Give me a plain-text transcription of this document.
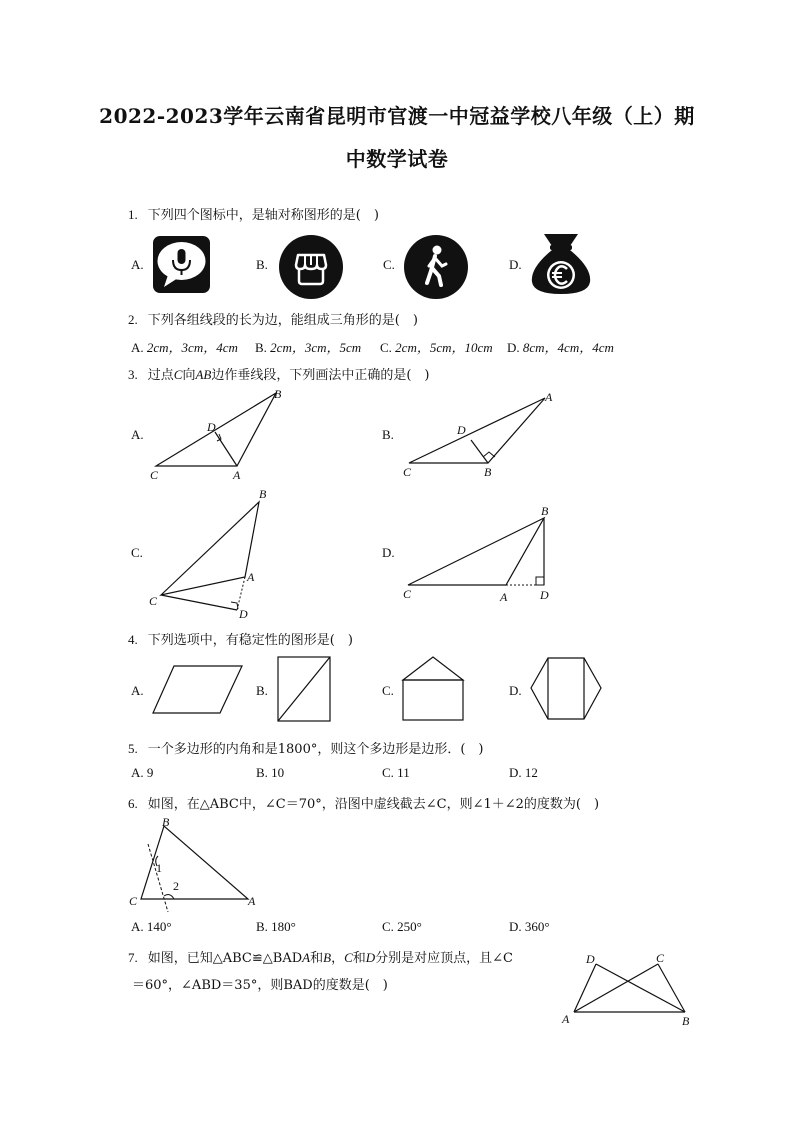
2022-2023学年云南省昆明市官渡一中冠益学校八年级（上）期
中数学试卷
1. 下列四个图标中，是轴对称图形的是(　)
A.	B.	C.	D.
2. 下列各组线段的长为边，能组成三角形的是(　)
A. 2cm，3cm，4cm B. 2cm，3cm，5cm C. 2cm，5cm，10cm D. 8cm，4cm，4cm
3. 过点C向AB边作垂线段，下列画法中正确的是(　)
A.
B
D
C	A
B.
A
D
C	B
C.
B
A
C
D
D.
B
C	A	D
4. 下列选项中，有稳定性的图形是(　)
A.	B.	C.	D.
5. 一个多边形的内角和是1800°，则这个多边形是边形．(　)
A. 9	B. 10	C. 11	D. 12
6. 如图，在△ABC中，∠C＝70°，沿图中虚线截去∠C，则∠1＋∠2的度数为(　)
B
C	A
1
2
A. 140°	B. 180°	C. 250°	D. 360°
7. 如图，已知△ABC≌△BADA和B，C和D分别是对应顶点，且∠C
＝60°，∠ABD＝35°，则BAD的度数是(　)
D	C
A	B
